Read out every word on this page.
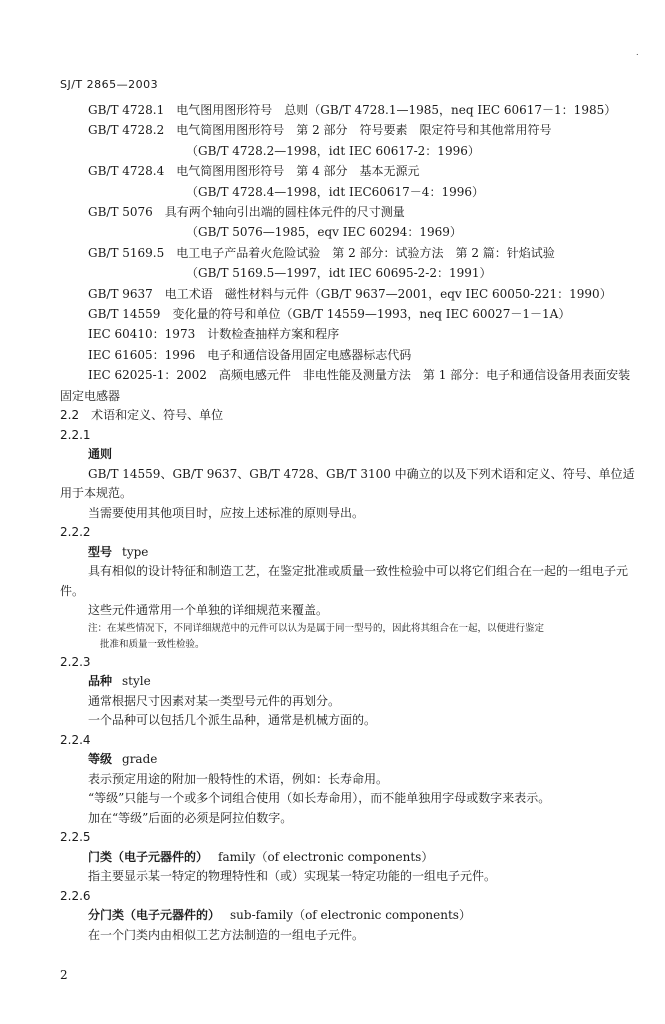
.
SJ/T 2865—2003
GB/T 4728.1　电气图用图形符号　总则（GB/T 4728.1—1985，neq IEC 60617－1：1985）
GB/T 4728.2　电气简图用图形符号　第 2 部分　符号要素　限定符号和其他常用符号
（GB/T 4728.2—1998，idt IEC 60617-2：1996）
GB/T 4728.4　电气简图用图形符号　第 4 部分　基本无源元
（GB/T 4728.4—1998，idt IEC60617－4：1996）
GB/T 5076　具有两个轴向引出端的圆柱体元件的尺寸测量
（GB/T 5076—1985，eqv IEC 60294：1969）
GB/T 5169.5　电工电子产品着火危险试验　第 2 部分：试验方法　第 2 篇：针焰试验
（GB/T 5169.5—1997，idt IEC 60695-2-2：1991）
GB/T 9637　电工术语　磁性材料与元件（GB/T 9637—2001，eqv IEC 60050-221：1990）
GB/T 14559　变化量的符号和单位（GB/T 14559—1993，neq IEC 60027－1－1A）
IEC 60410：1973　计数检查抽样方案和程序
IEC 61605：1996　电子和通信设备用固定电感器标志代码
IEC 62025-1：2002　高频电感元件　非电性能及测量方法　第 1 部分：电子和通信设备用表面安装固定电感器
2.2　术语和定义、符号、单位
2.2.1
通则
GB/T 14559、GB/T 9637、GB/T 4728、GB/T 3100 中确立的以及下列术语和定义、符号、单位适用于本规范。
当需要使用其他项目时，应按上述标准的原则导出。
2.2.2
型号 type
具有相似的设计特征和制造工艺，在鉴定批准或质量一致性检验中可以将它们组合在一起的一组电子元件。
这些元件通常用一个单独的详细规范来覆盖。
注：在某些情况下，不同详细规范中的元件可以认为是属于同一型号的，因此将其组合在一起，以便进行鉴定
批准和质量一致性检验。
2.2.3
品种 style
通常根据尺寸因素对某一类型号元件的再划分。
一个品种可以包括几个派生品种，通常是机械方面的。
2.2.4
等级 grade
表示预定用途的附加一般特性的术语，例如：长寿命用。
“等级”只能与一个或多个词组合使用（如长寿命用），而不能单独用字母或数字来表示。
加在“等级”后面的必须是阿拉伯数字。
2.2.5
门类（电子元器件的） family（of electronic components）
指主要显示某一特定的物理特性和（或）实现某一特定功能的一组电子元件。
2.2.6
分门类（电子元器件的） sub-family（of electronic components）
在一个门类内由相似工艺方法制造的一组电子元件。
2
